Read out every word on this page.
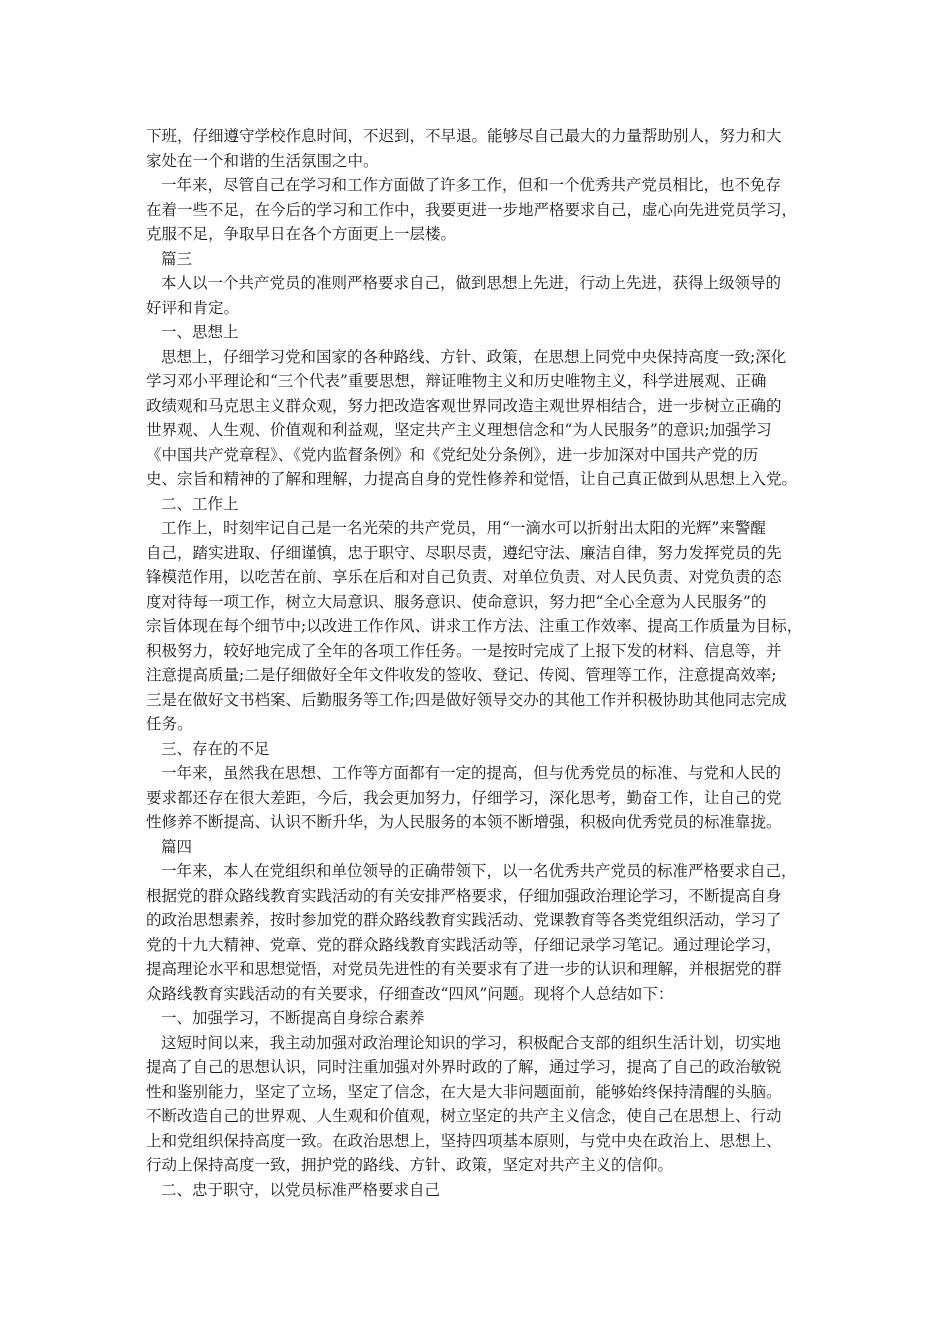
下班，仔细遵守学校作息时间，不迟到，不早退。能够尽自己最大的力量帮助别人，努力和大
家处在一个和谐的生活氛围之中。
一年来，尽管自己在学习和工作方面做了许多工作，但和一个优秀共产党员相比，也不免存
在着一些不足，在今后的学习和工作中，我要更进一步地严格要求自己，虚心向先进党员学习，
克服不足，争取早日在各个方面更上一层楼。
篇三
本人以一个共产党员的准则严格要求自己，做到思想上先进，行动上先进，获得上级领导的
好评和肯定。
一、思想上
思想上，仔细学习党和国家的各种路线、方针、政策，在思想上同党中央保持高度一致;深化
学习邓小平理论和“三个代表”重要思想，辩证唯物主义和历史唯物主义，科学进展观、正确
政绩观和马克思主义群众观，努力把改造客观世界同改造主观世界相结合，进一步树立正确的
世界观、人生观、价值观和利益观，坚定共产主义理想信念和“为人民服务”的意识;加强学习
《中国共产党章程》、《党内监督条例》和《党纪处分条例》，进一步加深对中国共产党的历
史、宗旨和精神的了解和理解，力提高自身的党性修养和觉悟，让自己真正做到从思想上入党。
二、工作上
工作上，时刻牢记自己是一名光荣的共产党员，用“一滴水可以折射出太阳的光辉”来警醒
自己，踏实进取、仔细谨慎，忠于职守、尽职尽责，遵纪守法、廉洁自律，努力发挥党员的先
锋模范作用，以吃苦在前、享乐在后和对自己负责、对单位负责、对人民负责、对党负责的态
度对待每一项工作，树立大局意识、服务意识、使命意识，努力把“全心全意为人民服务”的
宗旨体现在每个细节中;以改进工作作风、讲求工作方法、注重工作效率、提高工作质量为目标，
积极努力，较好地完成了全年的各项工作任务。一是按时完成了上报下发的材料、信息等，并
注意提高质量;二是仔细做好全年文件收发的签收、登记、传阅、管理等工作，注意提高效率;
三是在做好文书档案、后勤服务等工作;四是做好领导交办的其他工作并积极协助其他同志完成
任务。
三、存在的不足
一年来，虽然我在思想、工作等方面都有一定的提高，但与优秀党员的标准、与党和人民的
要求都还存在很大差距，今后，我会更加努力，仔细学习，深化思考，勤奋工作，让自己的党
性修养不断提高、认识不断升华，为人民服务的本领不断增强，积极向优秀党员的标准靠拢。
篇四
一年来，本人在党组织和单位领导的正确带领下，以一名优秀共产党员的标准严格要求自己，
根据党的群众路线教育实践活动的有关安排严格要求，仔细加强政治理论学习，不断提高自身
的政治思想素养，按时参加党的群众路线教育实践活动、党课教育等各类党组织活动，学习了
党的十九大精神、党章、党的群众路线教育实践活动等，仔细记录学习笔记。通过理论学习，
提高理论水平和思想觉悟，对党员先进性的有关要求有了进一步的认识和理解，并根据党的群
众路线教育实践活动的有关要求，仔细查改“四风”问题。现将个人总结如下：
一、加强学习，不断提高自身综合素养
这短时间以来，我主动加强对政治理论知识的学习，积极配合支部的组织生活计划，切实地
提高了自己的思想认识，同时注重加强对外界时政的了解，通过学习，提高了自己的政治敏锐
性和鉴别能力，坚定了立场，坚定了信念，在大是大非问题面前，能够始终保持清醒的头脑。
不断改造自己的世界观、人生观和价值观，树立坚定的共产主义信念，使自己在思想上、行动
上和党组织保持高度一致。在政治思想上，坚持四项基本原则，与党中央在政治上、思想上、
行动上保持高度一致，拥护党的路线、方针、政策，坚定对共产主义的信仰。
二、忠于职守，以党员标准严格要求自己
